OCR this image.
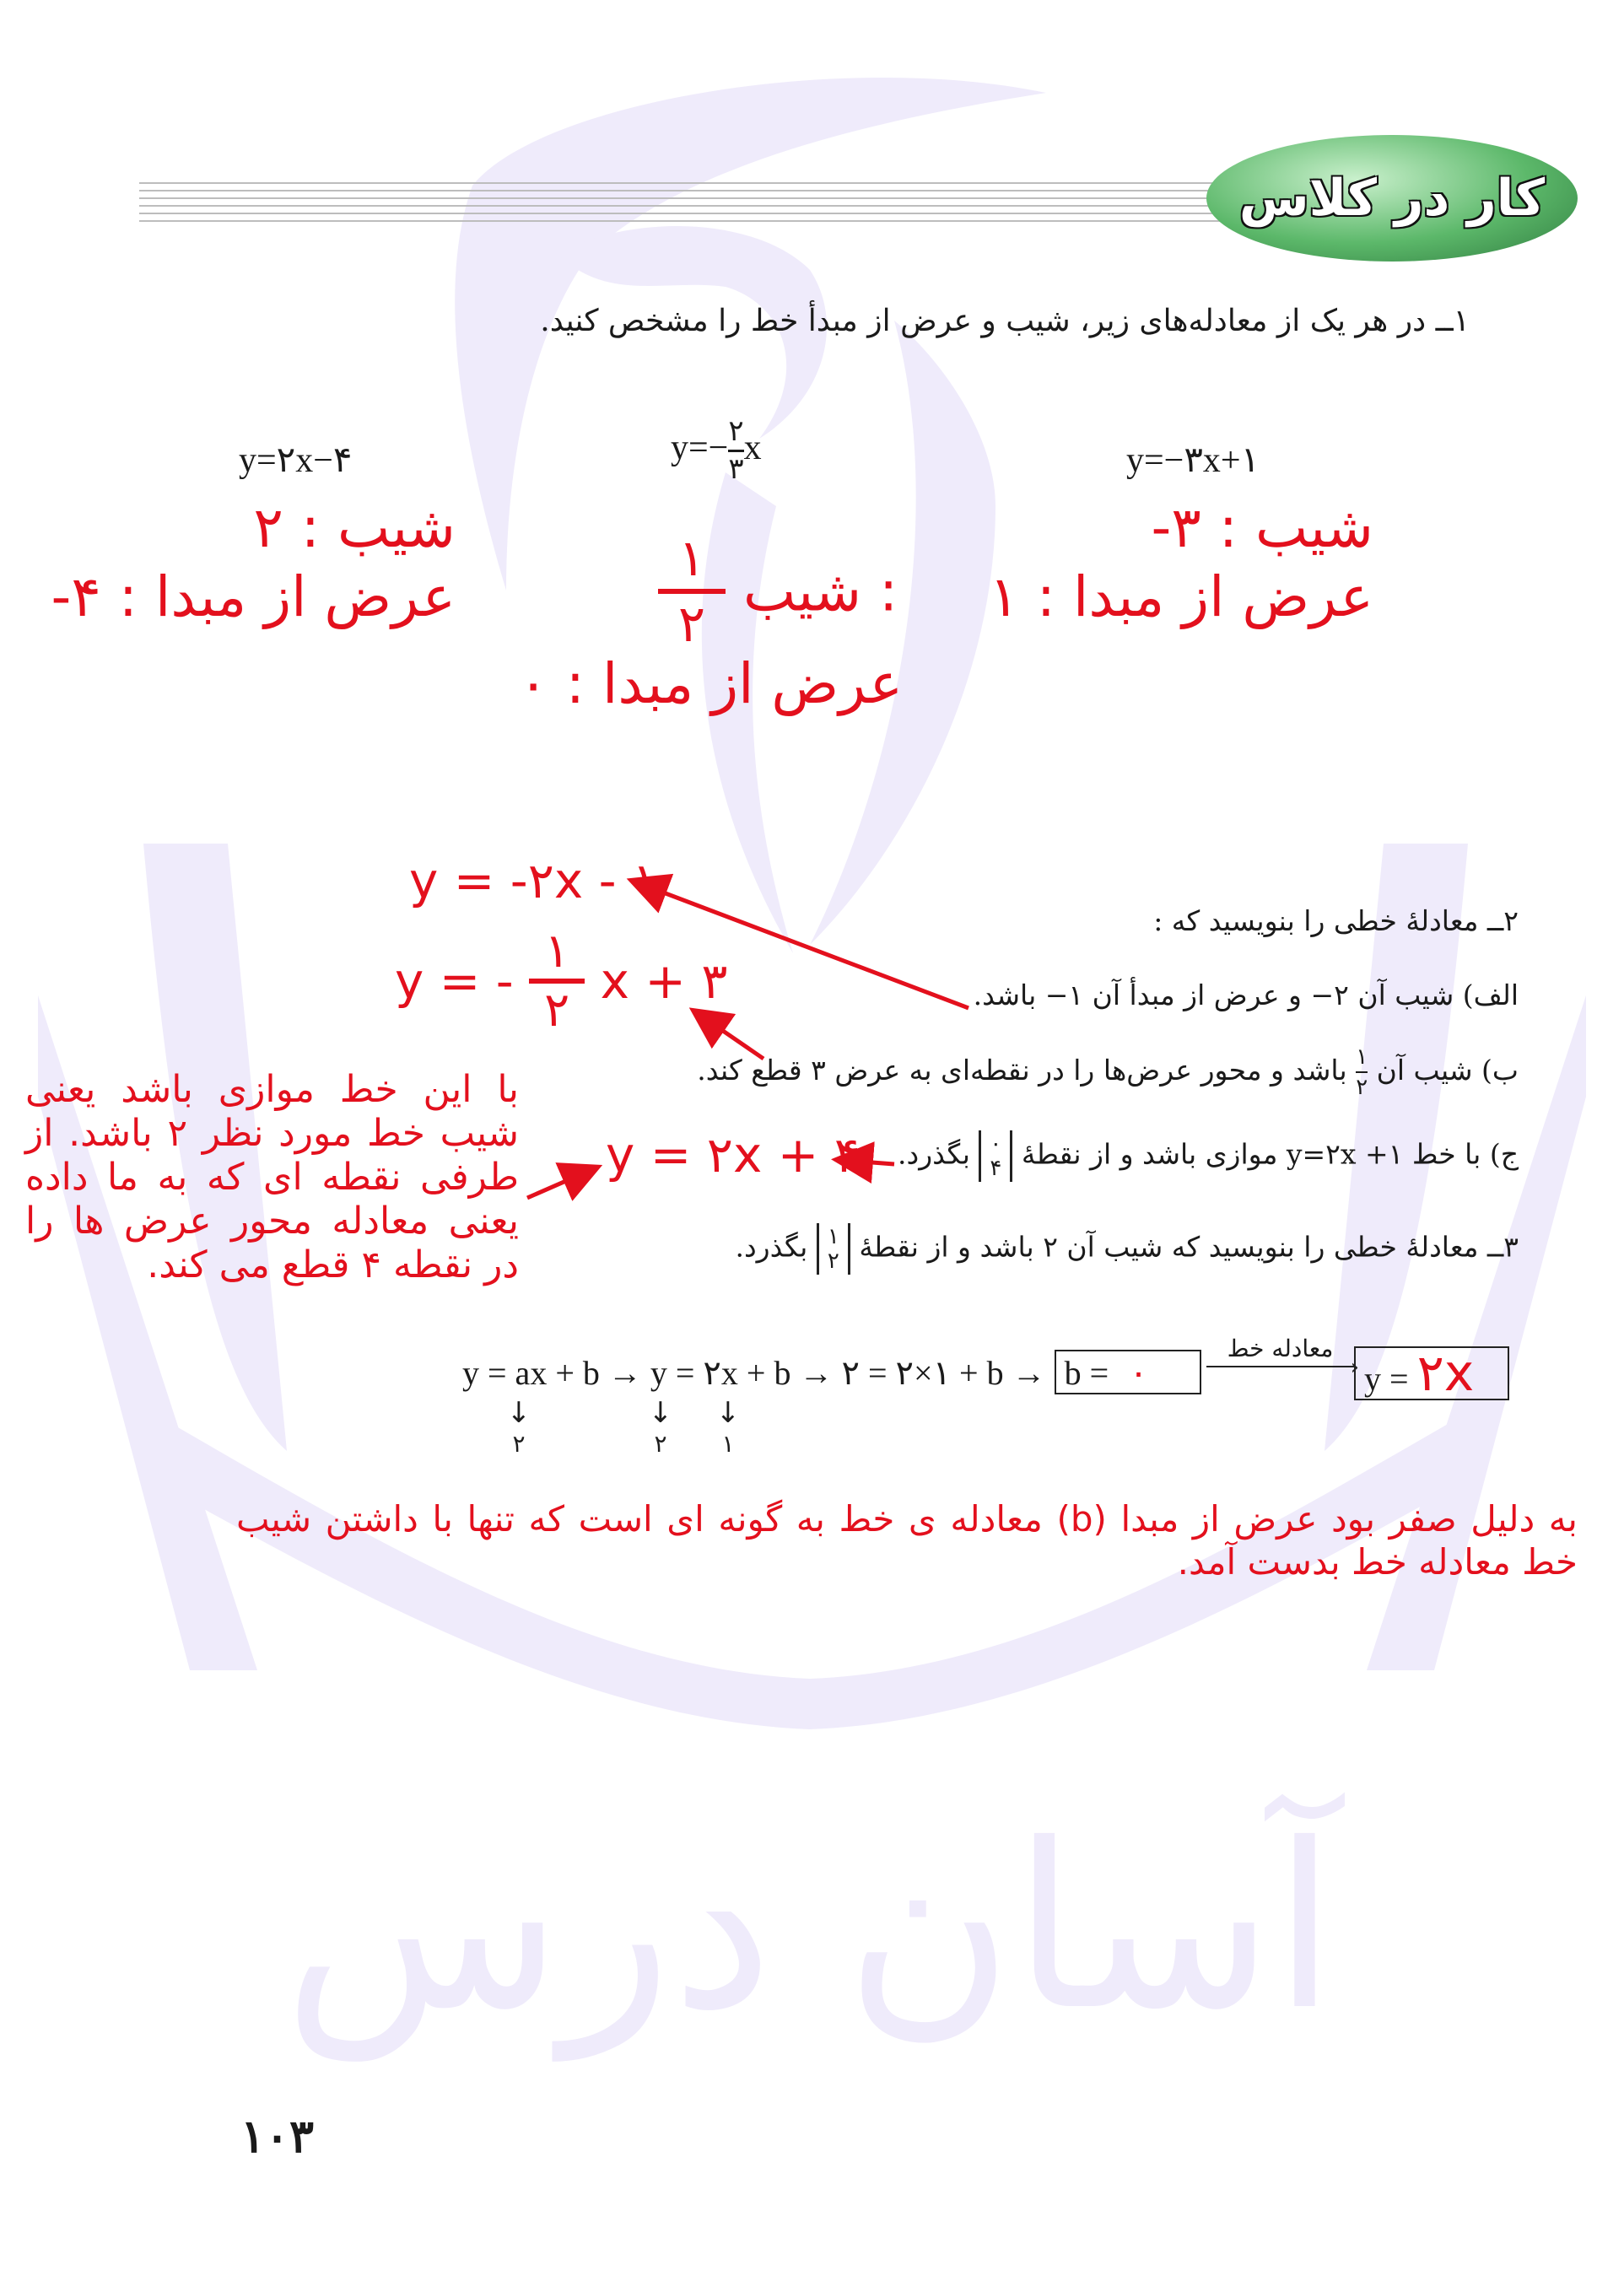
آسان درس
کار در کلاس
۱ــ در هر یک از معادله‌های زیر، شیب و عرض از مبدأ خط را مشخص کنید.
y=−۳x+۱
$y=- \frac{۲}{۳}$ x
y=۲x−۴
شیب : ۳-
عرض از مبدا : ۱
۱
۲
شیب :
عرض از مبدا : ۰
شیب : ۲
عرض از مبدا : ۴-
۲ــ معادلهٔ خطی را بنویسید که :
الف) شیب آن ۲− و عرض از مبدأ آن ۱− باشد.
ب) شیب آن
$\frac{۱}{۲}$
باشد و محور عرض‌ها را در نقطه‌ای به عرض ۳ قطع کند.
ج) با خط ۱+ y=۲x موازی باشد و از نقطهٔ
۰
۴
بگذرد.
y = -۲x - ۱
y = -
۱
۲
x + ۳
y = ۲x + ۴
با این خط موازی باشد یعنی شیب خط مورد نظر ۲ باشد. از طرفی نقطه ای که به ما داده یعنی معادله محور عرض ها را در نقطه ۴ قطع می کند.	۳ــ معادلهٔ خطی را بنویسید که شیب آن ۲ باشد و از نقطهٔ
۱
۲
بگذرد.
y = ax + b → y = ۲x + b → ۲ = ۲×۱ + b → b = ۰
معادله خط
› y = ۲x
↓
۲
↓
۲
↓
۱
به دلیل صفر بود عرض از مبدا (b) معادله ی خط به گونه ای است که تنها با داشتن شیب خط معادله خط بدست آمد.
۱۰۳
